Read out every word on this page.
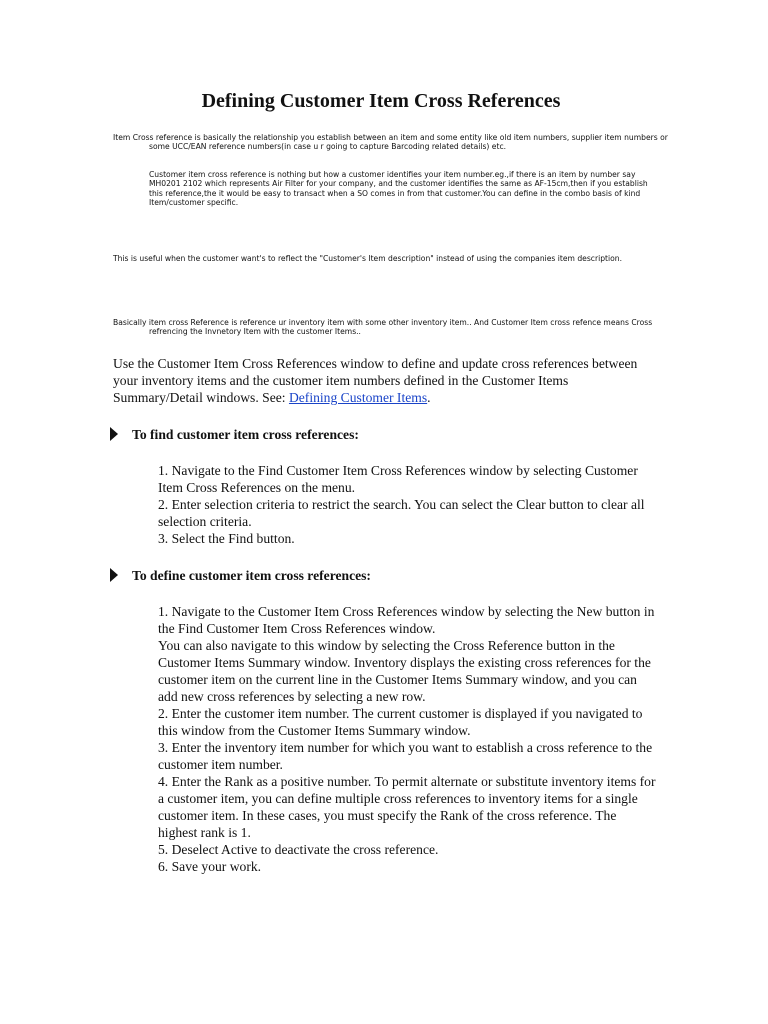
Defining Customer Item Cross References

Item Cross reference is basically the relationship you establish between an item and some entity like old item numbers, supplier item numbers or some UCC/EAN reference numbers(in case u r going to capture Barcoding related details) etc.

Customer item cross reference is nothing but how a customer identifies your item number.eg.,if there is an item by number say MH0201 2102 which represents Air Filter for your company, and the customer identifies the same as AF-15cm,then if you establish this reference,the it would be easy to transact when a SO comes in from that customer.You can define in the combo basis of kind Item/customer specific.

This is useful when the customer want's to reflect the "Customer's Item description" instead of using the companies item description.

Basically item cross Reference is reference ur inventory item with some other inventory item.. And Customer Item cross refence means Cross refrencing the Invnetory Item with the customer Items..

Use the Customer Item Cross References window to define and update cross references between your inventory items and the customer item numbers defined in the Customer Items Summary/Detail windows. See: Defining Customer Items.

To find customer item cross references:

1. Navigate to the Find Customer Item Cross References window by selecting Customer Item Cross References on the menu.
2. Enter selection criteria to restrict the search. You can select the Clear button to clear all selection criteria.
3. Select the Find button.

To define customer item cross references:

1. Navigate to the Customer Item Cross References window by selecting the New button in the Find Customer Item Cross References window.
You can also navigate to this window by selecting the Cross Reference button in the Customer Items Summary window. Inventory displays the existing cross references for the customer item on the current line in the Customer Items Summary window, and you can add new cross references by selecting a new row.
2. Enter the customer item number. The current customer is displayed if you navigated to this window from the Customer Items Summary window.
3. Enter the inventory item number for which you want to establish a cross reference to the customer item number.
4. Enter the Rank as a positive number. To permit alternate or substitute inventory items for a customer item, you can define multiple cross references to inventory items for a single customer item. In these cases, you must specify the Rank of the cross reference. The highest rank is 1.
5. Deselect Active to deactivate the cross reference.
6. Save your work.
